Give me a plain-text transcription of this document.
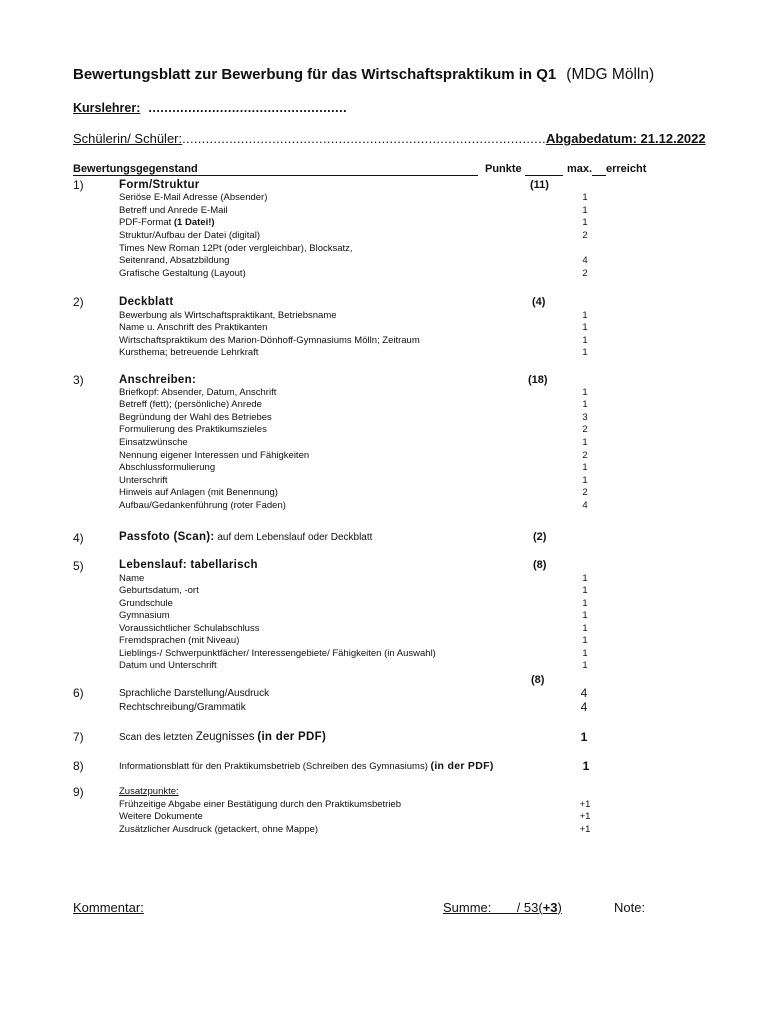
Bewertungsblatt zur Bewerbung für das Wirtschaftspraktikum in Q1 (MDG Mölln)
Kurslehrer: ..................................................
Schülerin/ Schüler:.............................................................................................Abgabedatum: 21.12.2022
Bewertungsgegenstand	Punkte	max. erreicht
1)	Form/Struktur	(11)
Seriöse E-Mail Adresse (Absender)	1
Betreff und Anrede E-Mail	1
PDF-Format (1 Datei!)	1
Struktur/Aufbau der Datei (digital)	2
Times New Roman 12Pt (oder vergleichbar), Blocksatz,
Seitenrand, Absatzbildung	4
Grafische Gestaltung (Layout)	2
2)	Deckblatt	(4)
Bewerbung als Wirtschaftspraktikant, Betriebsname	1
Name u. Anschrift des Praktikanten	1
Wirtschaftspraktikum des Marion-Dönhoff-Gymnasiums Mölln; Zeitraum	1
Kursthema; betreuende Lehrkraft	1
3)	Anschreiben:	(18)
Briefkopf: Absender, Datum, Anschrift	1
Betreff (fett); (persönliche) Anrede	1
Begründung der Wahl des Betriebes	3
Formulierung des Praktikumszieles	2
Einsatzwünsche	1
Nennung eigener Interessen und Fähigkeiten	2
Abschlussformulierung	1
Unterschrift	1
Hinweis auf Anlagen (mit Benennung)	2
Aufbau/Gedankenführung (roter Faden)	4
4)	Passfoto (Scan): auf dem Lebenslauf oder Deckblatt	(2)
5)	Lebenslauf: tabellarisch	(8)
Name	1
Geburtsdatum, -ort	1
Grundschule	1
Gymnasium	1
Voraussichtlicher Schulabschluss	1
Fremdsprachen (mit Niveau)	1
Lieblings-/ Schwerpunktfächer/ Interessengebiete/ Fähigkeiten (in Auswahl)	1
Datum und Unterschrift	1
(8)
6)	Sprachliche Darstellung/Ausdruck	4
Rechtschreibung/Grammatik	4
7)	Scan des letzten Zeugnisses (in der PDF)	1
8)	Informationsblatt für den Praktikumsbetrieb (Schreiben des Gymnasiums) (in der PDF)	1
9)	Zusatzpunkte:
Frühzeitige Abgabe einer Bestätigung durch den Praktikumsbetrieb	+1
Weitere Dokumente	+1
Zusätzlicher Ausdruck (getackert, ohne Mappe)	+1
Kommentar:	Summe: / 53(+3)	Note:
